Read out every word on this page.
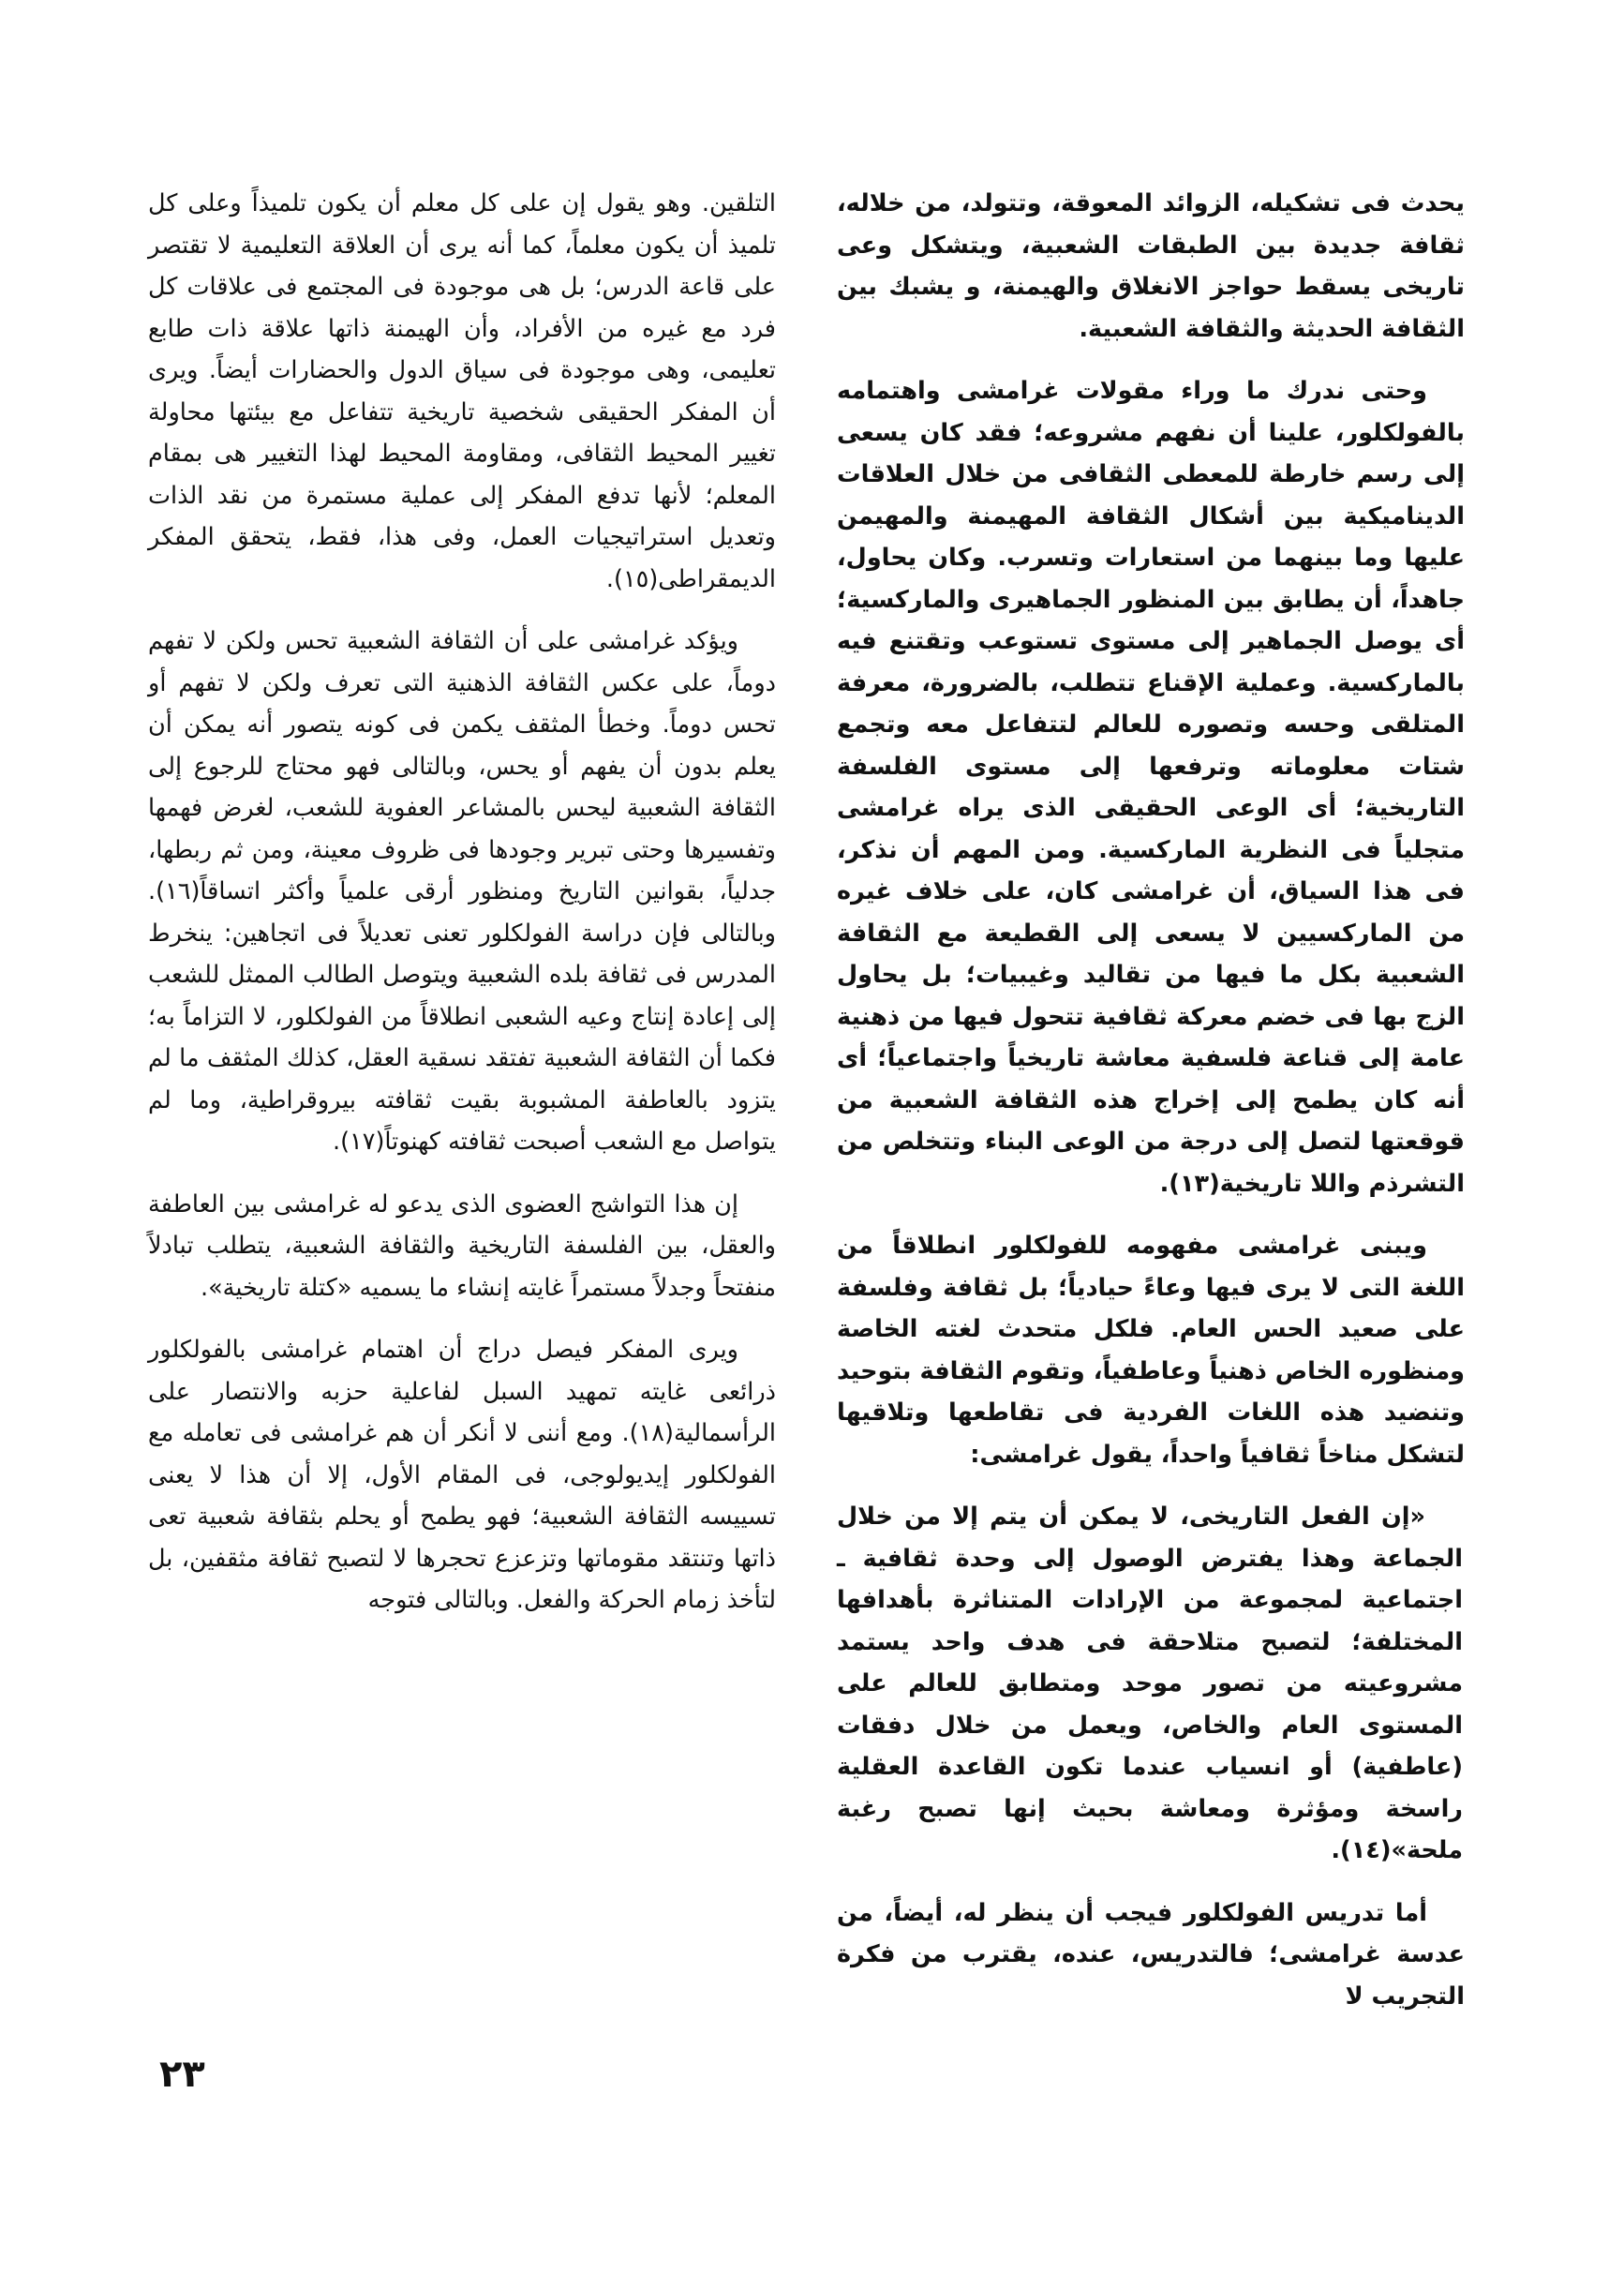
يحدث فى تشكيله، الزوائد المعوقة، وتتولد، من خلاله، ثقافة جديدة بين الطبقات الشعبية، ويتشكل وعى تاريخى يسقط حواجز الانغلاق والهيمنة، و يشبك بين الثقافة الحديثة والثقافة الشعبية.

وحتى ندرك ما وراء مقولات غرامشى واهتمامه بالفولكلور، علينا أن نفهم مشروعه؛ فقد كان يسعى إلى رسم خارطة للمعطى الثقافى من خلال العلاقات الديناميكية بين أشكال الثقافة المهيمنة والمهيمن عليها وما بينهما من استعارات وتسرب. وكان يحاول، جاهداً، أن يطابق بين المنظور الجماهيرى والماركسية؛ أى يوصل الجماهير إلى مستوى تستوعب وتقتنع فيه بالماركسية. وعملية الإقناع تتطلب، بالضرورة، معرفة المتلقى وحسه وتصوره للعالم لتتفاعل معه وتجمع شتات معلوماته وترفعها إلى مستوى الفلسفة التاريخية؛ أى الوعى الحقيقى الذى يراه غرامشى متجلياً فى النظرية الماركسية. ومن المهم أن نذكر، فى هذا السياق، أن غرامشى كان، على خلاف غيره من الماركسيين لا يسعى إلى القطيعة مع الثقافة الشعبية بكل ما فيها من تقاليد وغيبيات؛ بل يحاول الزج بها فى خضم معركة ثقافية تتحول فيها من ذهنية عامة إلى قناعة فلسفية معاشة تاريخياً واجتماعياً؛ أى أنه كان يطمح إلى إخراج هذه الثقافة الشعبية من قوقعتها لتصل إلى درجة من الوعى البناء وتتخلص من التشرذم واللا تاريخية(١٣).

ويبنى غرامشى مفهومه للفولكلور انطلاقاً من اللغة التى لا يرى فيها وعاءً حيادياً؛ بل ثقافة وفلسفة على صعيد الحس العام. فلكل متحدث لغته الخاصة ومنظوره الخاص ذهنياً وعاطفياً، وتقوم الثقافة بتوحيد وتنضيد هذه اللغات الفردية فى تقاطعها وتلاقيها لتشكل مناخاً ثقافياً واحداً، يقول غرامشى:

«إن الفعل التاريخى، لا يمكن أن يتم إلا من خلال الجماعة وهذا يفترض الوصول إلى وحدة ثقافية ـ اجتماعية لمجموعة من الإرادات المتناثرة بأهدافها المختلفة؛ لتصبح متلاحقة فى هدف واحد يستمد مشروعيته من تصور موحد ومتطابق للعالم على المستوى العام والخاص، ويعمل من خلال دفقات (عاطفية) أو انسياب عندما تكون القاعدة العقلية راسخة ومؤثرة ومعاشة بحيث إنها تصبح رغبة ملحة»(١٤).

أما تدريس الفولكلور فيجب أن ينظر له، أيضاً، من عدسة غرامشى؛ فالتدريس، عنده، يقترب من فكرة التجريب لا

التلقين. وهو يقول إن على كل معلم أن يكون تلميذاً وعلى كل تلميذ أن يكون معلماً، كما أنه يرى أن العلاقة التعليمية لا تقتصر على قاعة الدرس؛ بل هى موجودة فى المجتمع فى علاقات كل فرد مع غيره من الأفراد، وأن الهيمنة ذاتها علاقة ذات طابع تعليمى، وهى موجودة فى سياق الدول والحضارات أيضاً. ويرى أن المفكر الحقيقى شخصية تاريخية تتفاعل مع بيئتها محاولة تغيير المحيط الثقافى، ومقاومة المحيط لهذا التغيير هى بمقام المعلم؛ لأنها تدفع المفكر إلى عملية مستمرة من نقد الذات وتعديل استراتيجيات العمل، وفى هذا، فقط، يتحقق المفكر الديمقراطى(١٥).

ويؤكد غرامشى على أن الثقافة الشعبية تحس ولكن لا تفهم دوماً، على عكس الثقافة الذهنية التى تعرف ولكن لا تفهم أو تحس دوماً. وخطأ المثقف يكمن فى كونه يتصور أنه يمكن أن يعلم بدون أن يفهم أو يحس، وبالتالى فهو محتاج للرجوع إلى الثقافة الشعبية ليحس بالمشاعر العفوية للشعب، لغرض فهمها وتفسيرها وحتى تبرير وجودها فى ظروف معينة، ومن ثم ربطها، جدلياً، بقوانين التاريخ ومنظور أرقى علمياً وأكثر اتساقاً(١٦). وبالتالى فإن دراسة الفولكلور تعنى تعديلاً فى اتجاهين: ينخرط المدرس فى ثقافة بلده الشعبية ويتوصل الطالب الممثل للشعب إلى إعادة إنتاج وعيه الشعبى انطلاقاً من الفولكلور، لا التزاماً به؛ فكما أن الثقافة الشعبية تفتقد نسقية العقل، كذلك المثقف ما لم يتزود بالعاطفة المشبوبة بقيت ثقافته بيروقراطية، وما لم يتواصل مع الشعب أصبحت ثقافته كهنوتاً(١٧).

إن هذا التواشج العضوى الذى يدعو له غرامشى بين العاطفة والعقل، بين الفلسفة التاريخية والثقافة الشعبية، يتطلب تبادلاً منفتحاً وجدلاً مستمراً غايته إنشاء ما يسميه «كتلة تاريخية».

ويرى المفكر فيصل دراج أن اهتمام غرامشى بالفولكلور ذرائعى غايته تمهيد السبل لفاعلية حزبه والانتصار على الرأسمالية(١٨). ومع أننى لا أنكر أن هم غرامشى فى تعامله مع الفولكلور إيديولوجى، فى المقام الأول، إلا أن هذا لا يعنى تسييسه الثقافة الشعبية؛ فهو يطمح أو يحلم بثقافة شعبية تعى ذاتها وتنتقد مقوماتها وتزعزع تحجرها لا لتصبح ثقافة مثقفين، بل لتأخذ زمام الحركة والفعل. وبالتالى فتوجه

٢٣
